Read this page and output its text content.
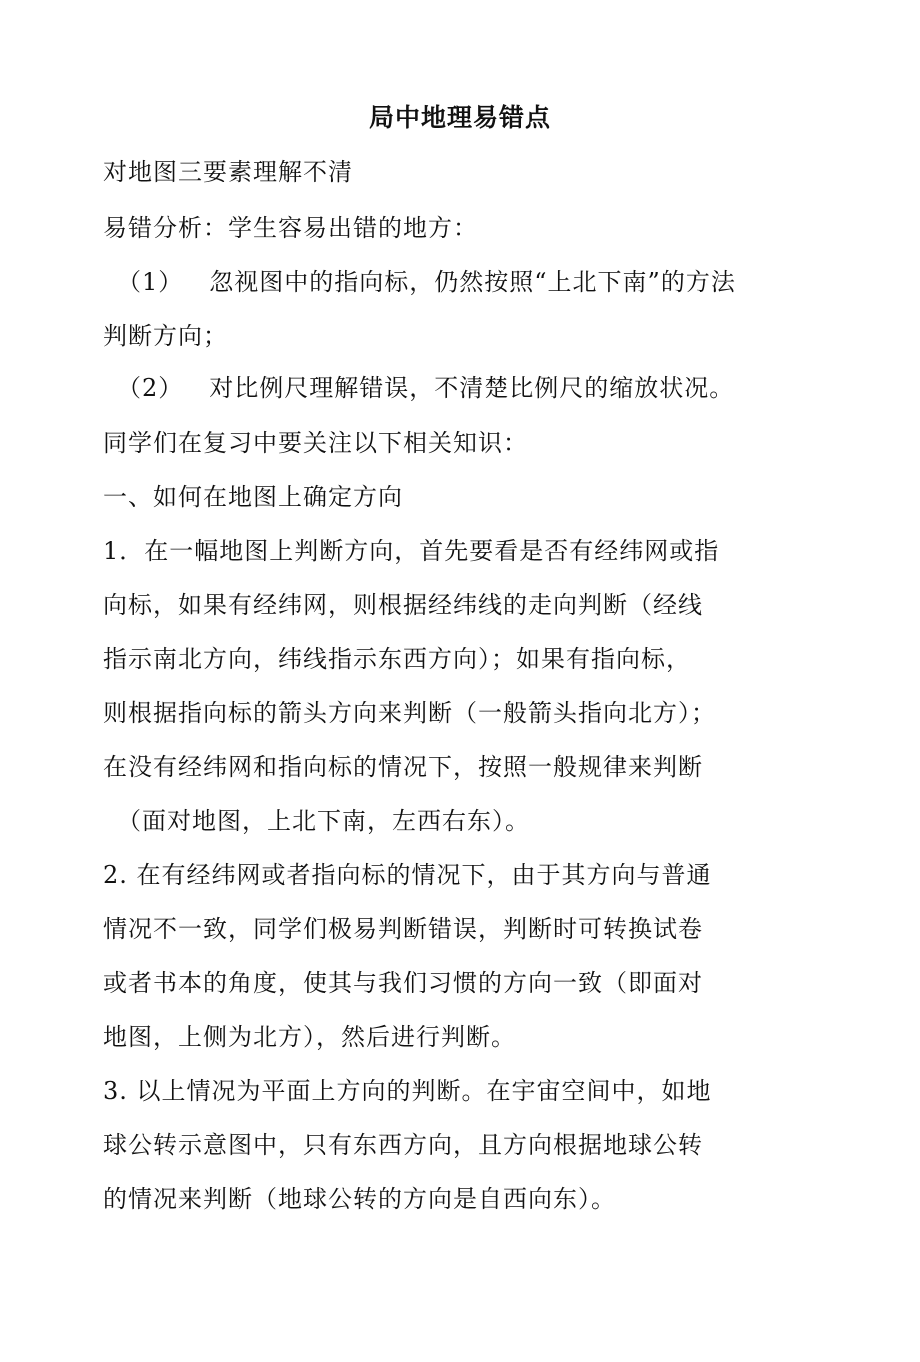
局中地理易错点
对地图三要素理解不清
易错分析：学生容易出错的地方：
（1） 忽视图中的指向标，仍然按照“上北下南”的方法
判断方向；
（2） 对比例尺理解错误，不清楚比例尺的缩放状况。
同学们在复习中要关注以下相关知识：
一、如何在地图上确定方向
1．在一幅地图上判断方向，首先要看是否有经纬网或指
向标，如果有经纬网，则根据经纬线的走向判断（经线
指示南北方向，纬线指示东西方向）；如果有指向标，
则根据指向标的箭头方向来判断（一般箭头指向北方）；
在没有经纬网和指向标的情况下，按照一般规律来判断
（面对地图，上北下南，左西右东）。
2. 在有经纬网或者指向标的情况下，由于其方向与普通
情况不一致，同学们极易判断错误，判断时可转换试卷
或者书本的角度，使其与我们习惯的方向一致（即面对
地图，上侧为北方），然后进行判断。
3. 以上情况为平面上方向的判断。在宇宙空间中，如地
球公转示意图中，只有东西方向，且方向根据地球公转
的情况来判断（地球公转的方向是自西向东）。
